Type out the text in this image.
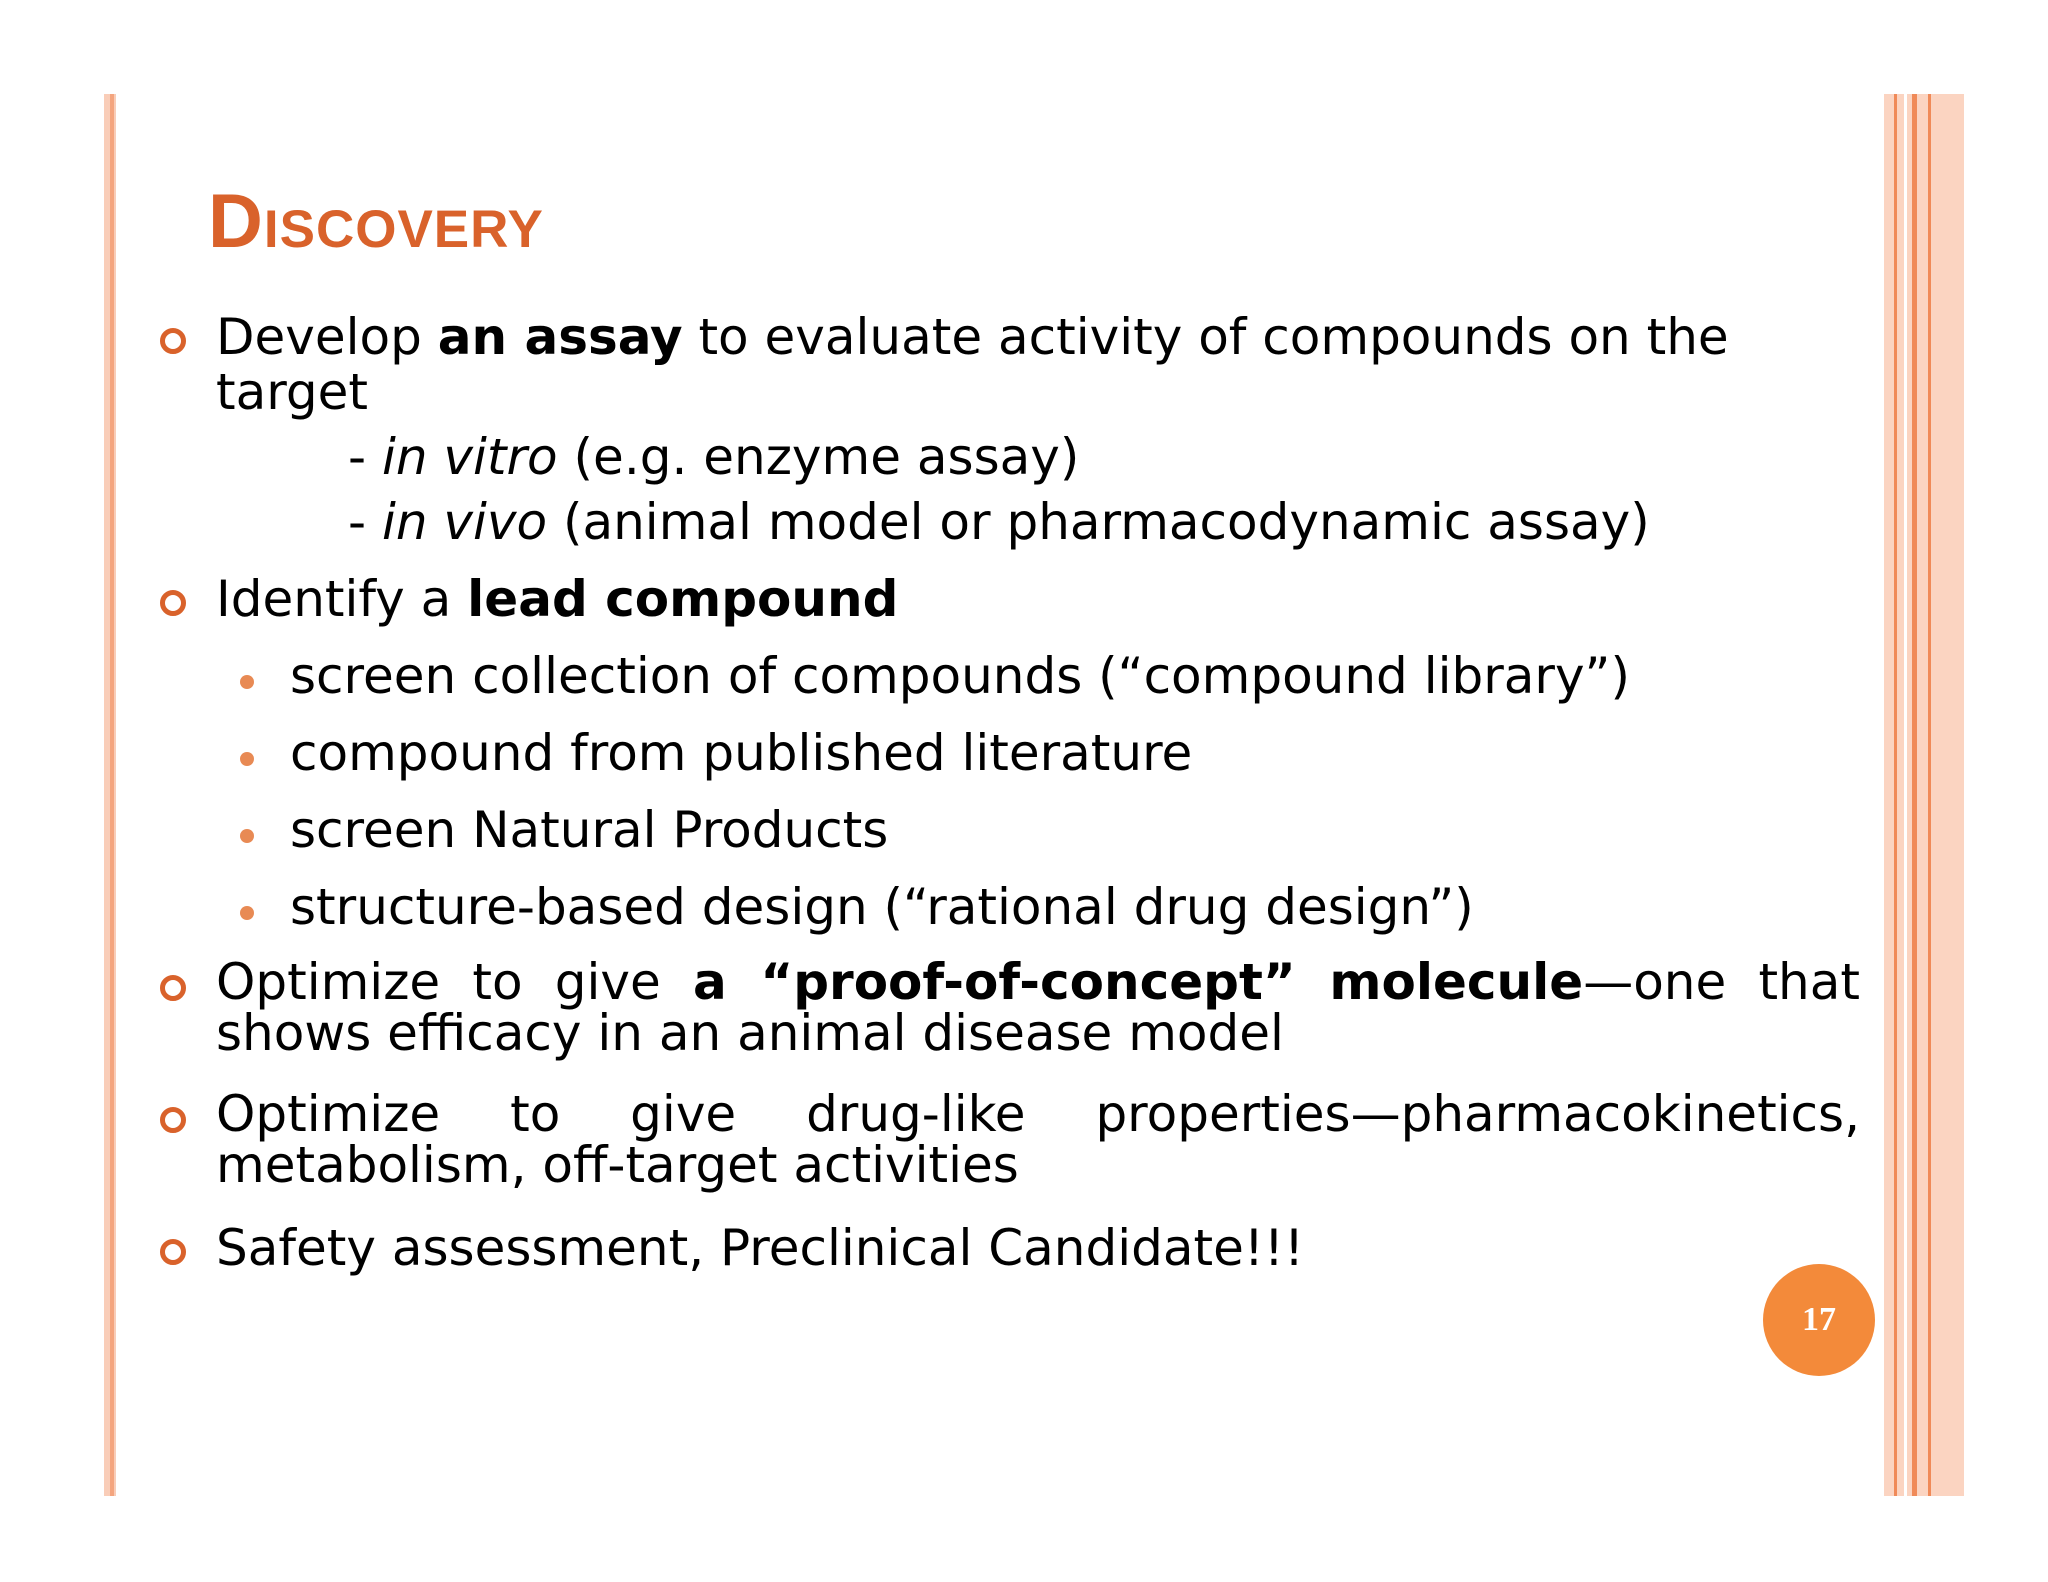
Discovery
Develop an assay to evaluate activity of compounds on the target
- in vitro (e.g. enzyme assay)
- in vivo (animal model or pharmacodynamic assay)
Identify a lead compound
screen collection of compounds (“compound library”)
compound from published literature
screen Natural Products
structure-based design (“rational drug design”)
Optimize to give a “proof-of-concept” molecule—one that shows efficacy in an animal disease model
Optimize to give drug-like properties—pharmacokinetics, metabolism, off-target activities
Safety assessment, Preclinical Candidate!!!
17
